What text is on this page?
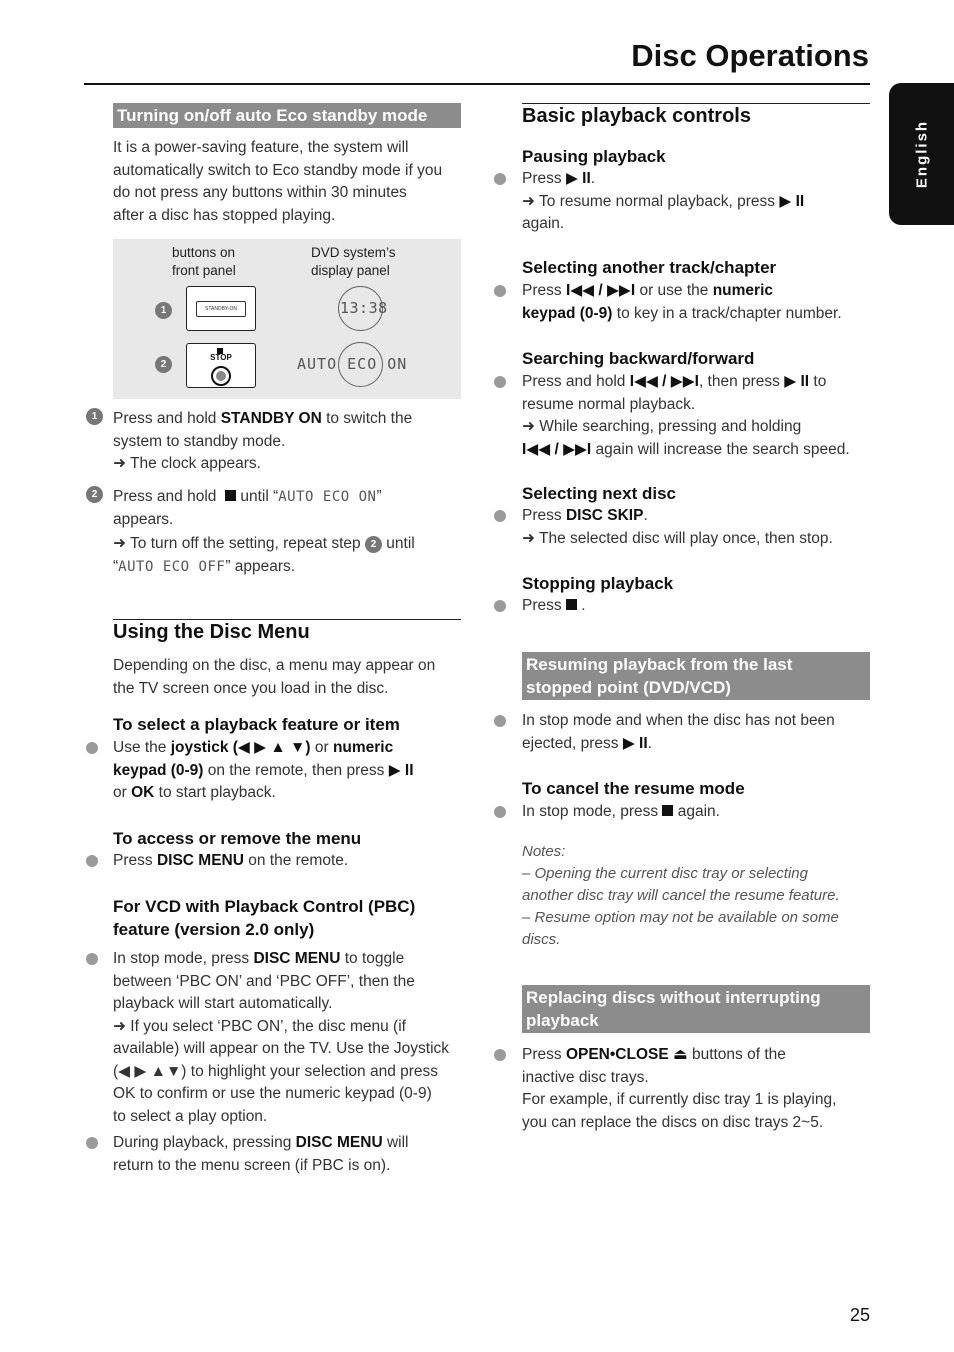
Disc Operations
English
Turning on/off auto Eco standby mode
It is a power-saving feature, the system will
automatically switch to Eco standby mode if you
do not press any buttons within 30 minutes
after a disc has stopped playing.
buttons on
front panel
DVD system’s
display panel
1	STANDBY-ON	13:38
2
STOP	AUTO ECO ON
1	Press and hold STANDBY ON to switch the
system to standby mode.
➜ The clock appears.
2	Press and hold   until “AUTO ECO ON”
appears.
➜ To turn off the setting, repeat step 2 until
“AUTO ECO OFF” appears.
Using the Disc Menu
Depending on the disc, a menu may appear on
the TV screen once you load in the disc.
To select a playback feature or item
Use the joystick (◀ ▶ ▲ ▼) or numeric
keypad (0-9) on the remote, then press ▶ II
or OK to start playback.
To access or remove the menu
Press DISC MENU on the remote.
For VCD with Playback Control (PBC)
feature (version 2.0 only)
In stop mode, press DISC MENU to toggle
between ‘PBC ON’ and ‘PBC OFF’, then the
playback will start automatically.
➜ If you select ‘PBC ON’, the disc menu (if
available) will appear on the TV. Use the Joystick
(◀ ▶ ▲▼) to highlight your selection and press
OK to confirm or use the numeric keypad (0-9)
to select a play option.
During playback, pressing DISC MENU will
return to the menu screen (if PBC is on).
Basic playback controls
Pausing playback
Press ▶ II.
➜ To resume normal playback, press ▶ II
again.
Selecting another track/chapter
Press I◀◀ / ▶▶I or use the numeric
keypad (0-9) to key in a track/chapter number.
Searching backward/forward
Press and hold I◀◀ / ▶▶I, then press ▶ II to
resume normal playback.
➜ While searching, pressing and holding
I◀◀ / ▶▶I again will increase the search speed.
Selecting next disc
Press DISC SKIP.
➜ The selected disc will play once, then stop.
Stopping playback
Press  .
Resuming playback from the last
stopped point (DVD/VCD)
In stop mode and when the disc has not been
ejected, press ▶ II.
To cancel the resume mode
In stop mode, press  again.
Notes:
– Opening the current disc tray or selecting
another disc tray will cancel the resume feature.
– Resume option may not be available on some
discs.
Replacing discs without interrupting
playback
Press OPEN•CLOSE ⏏ buttons of the
inactive disc trays.
For example, if currently disc tray 1 is playing,
you can replace the discs on disc trays 2~5.
25
